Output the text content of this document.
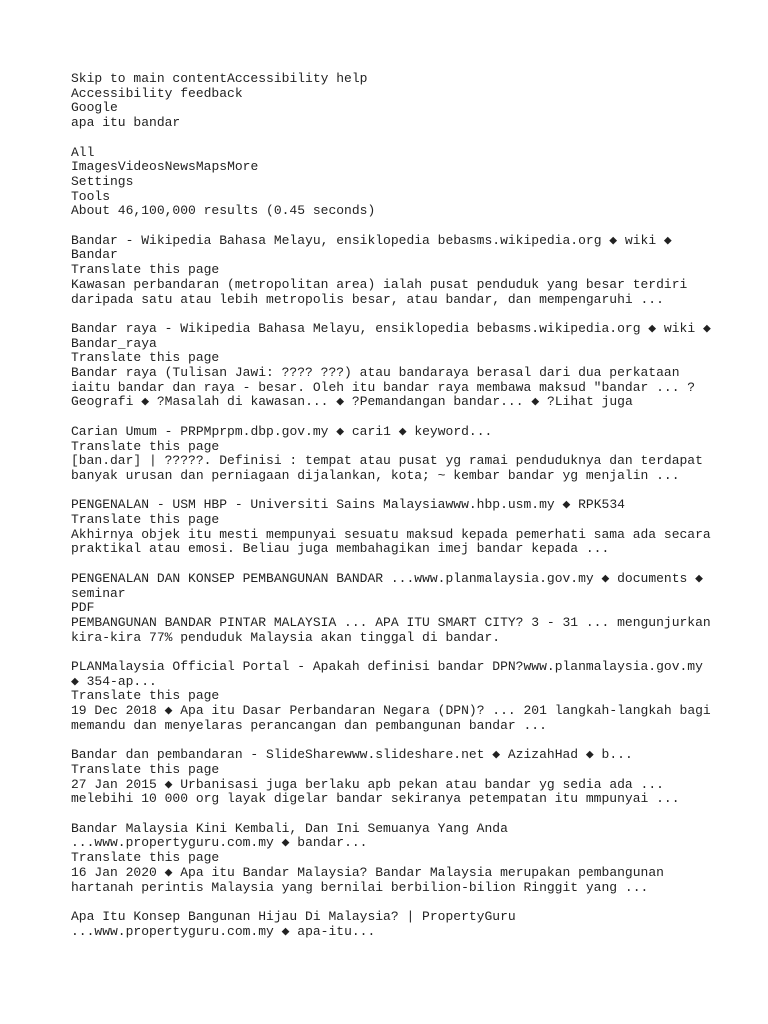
Skip to main contentAccessibility help
Accessibility feedback
Google
apa itu bandar
All
ImagesVideosNewsMapsMore
Settings
Tools
About 46,100,000 results (0.45 seconds)
Bandar - Wikipedia Bahasa Melayu, ensiklopedia bebasms.wikipedia.org ◆ wiki ◆ Bandar
Translate this page
Kawasan perbandaran (metropolitan area) ialah pusat penduduk yang besar terdiri daripada satu atau lebih metropolis besar, atau bandar, dan mempengaruhi ...
Bandar raya - Wikipedia Bahasa Melayu, ensiklopedia bebasms.wikipedia.org ◆ wiki ◆ Bandar_raya
Translate this page
Bandar raya (Tulisan Jawi: ???? ???) atau bandaraya berasal dari dua perkataan iaitu bandar dan raya - besar. Oleh itu bandar raya membawa maksud "bandar ... ?Geografi ◆ ?Masalah di kawasan... ◆ ?Pemandangan bandar... ◆ ?Lihat juga
Carian Umum - PRPMprpm.dbp.gov.my ◆ cari1 ◆ keyword...
Translate this page
[ban.dar] | ?????. Definisi : tempat atau pusat yg ramai penduduknya dan terdapat banyak urusan dan perniagaan dijalankan, kota; ~ kembar bandar yg menjalin ...
PENGENALAN - USM HBP - Universiti Sains Malaysiawww.hbp.usm.my ◆ RPK534
Translate this page
Akhirnya objek itu mesti mempunyai sesuatu maksud kepada pemerhati sama ada secara praktikal atau emosi. Beliau juga membahagikan imej bandar kepada ...
PENGENALAN DAN KONSEP PEMBANGUNAN BANDAR ...www.planmalaysia.gov.my ◆ documents ◆ seminar
PDF
PEMBANGUNAN BANDAR PINTAR MALAYSIA ... APA ITU SMART CITY? 3 - 31 ... mengunjurkan kira-kira 77% penduduk Malaysia akan tinggal di bandar.
PLANMalaysia Official Portal - Apakah definisi bandar DPN?www.planmalaysia.gov.my ◆ 354-ap...
Translate this page
19 Dec 2018 ◆ Apa itu Dasar Perbandaran Negara (DPN)? ... 201 langkah-langkah bagi memandu dan menyelaras perancangan dan pembangunan bandar ...
Bandar dan pembandaran - SlideSharewww.slideshare.net ◆ AzizahHad ◆ b...
Translate this page
27 Jan 2015 ◆ Urbanisasi juga berlaku apb pekan atau bandar yg sedia ada ... melebihi 10 000 org layak digelar bandar sekiranya petempatan itu mmpunyai ...
Bandar Malaysia Kini Kembali, Dan Ini Semuanya Yang Anda ...www.propertyguru.com.my ◆ bandar...
Translate this page
16 Jan 2020 ◆ Apa itu Bandar Malaysia? Bandar Malaysia merupakan pembangunan hartanah perintis Malaysia yang bernilai berbilion-bilion Ringgit yang ...
Apa Itu Konsep Bangunan Hijau Di Malaysia? | PropertyGuru
...www.propertyguru.com.my ◆ apa-itu...
